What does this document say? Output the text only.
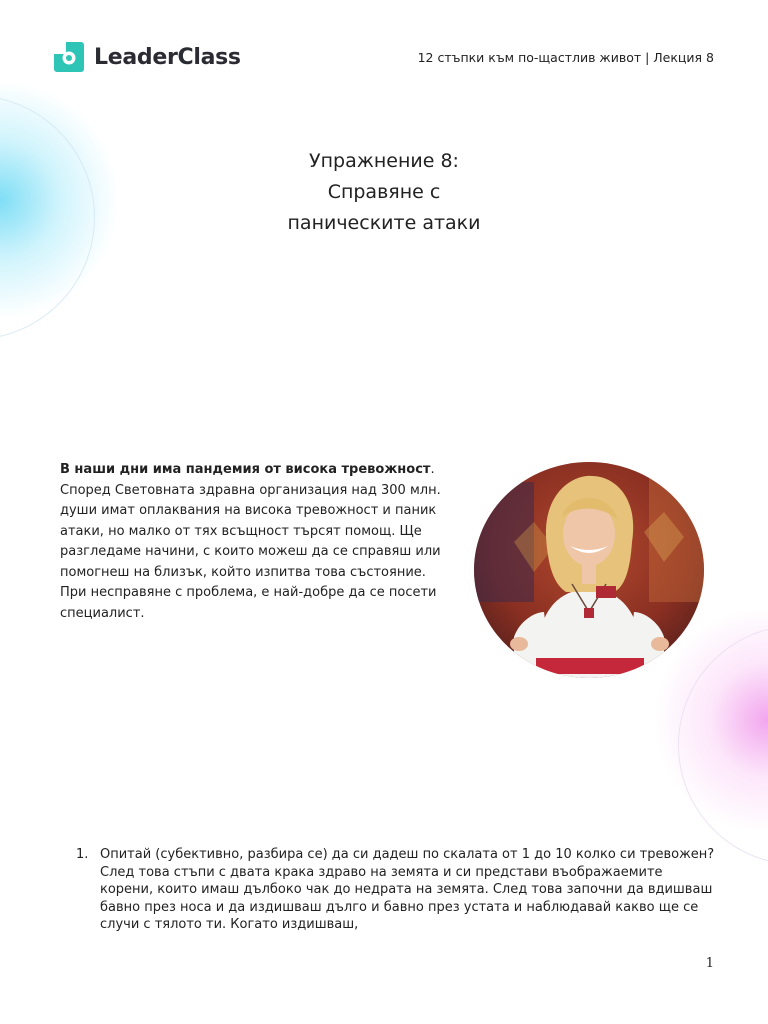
LeaderClass	12 стъпки към по-щастлив живот | Лекция 8
Упражнение 8:
Справяне с
паническите атаки
В наши дни има пандемия от висока тревожност. Според Световната здравна организация над 300 млн. души имат оплаквания на висока тревожност и паник атаки, но малко от тях всъщност търсят помощ. Ще разгледаме начини, с които можеш да се справяш или помогнеш на близък, който изпитва това състояние. При несправяне с проблема, е най-добре да се посети специалист.
1. Опитай (субективно, разбира се) да си дадеш по скалата от 1 до 10 колко си тревожен? След това стъпи с двата крака здраво на земята и си представи въображаемите корени, които имаш дълбоко чак до недрата на земята. След това започни да вдишваш бавно през носа и да издишваш дълго и бавно през устата и наблюдавай какво ще се случи с тялото ти. Когато издишваш,
1
